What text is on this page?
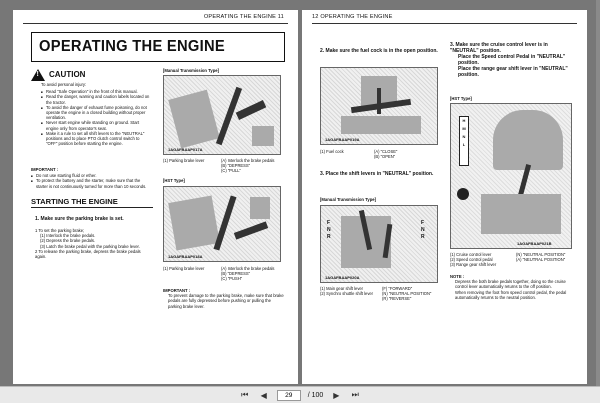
OPERATING THE ENGINE 11
OPERATING THE ENGINE
!
CAUTION
To avoid personal injury:
■ Read "Safe Operation" in the front of this manual.
■ Read the danger, warning and caution labels located on the tractor.
■ To avoid the danger of exhaust fume poisoning, do not operate the engine in a closed building without proper ventilation.
■ Never start engine while standing on ground. Start engine only from operator's seat.
■ Make it a rule to set all shift levers to the "NEUTRAL" positions and to place PTO clutch control switch to "OFF" position before starting the engine.
IMPORTANT :
■ Do not use starting fluid or ether.
■ To protect the battery and the starter, make sure that the starter is not continuously turned for more than 10 seconds.
STARTING THE ENGINE
1. Make sure the parking brake is set.
1 To set the parking brake;
(1) Interlock the brake pedals.
(2) Depress the brake pedals.
(3) Latch the brake pedal with the parking brake lever.
2 To release the parking brake, depress the brake pedals again.
[Manual Transmission Type]
1AGAFBAAP017A
(1) Parking brake lever	(A) Interlock the brake pedals
(B) "DEPRESS"
(C) "PULL"
[HST Type]
1AGAFBAAP018A
(1) Parking brake lever	(A) Interlock the brake pedals
(B) "DEPRESS"
(C) "PUSH"
IMPORTANT :
To prevent damage to the parking brake, make sure that brake pedals are fully depressed before pushing or pulling the parking brake lever.
12 OPERATING THE ENGINE
2. Make sure the fuel cock is in the open position.
1AGAFBAAP019A
(1) Fuel cock	(A) "CLOSE"
(B) "OPEN"
3. Place the shift levers in "NEUTRAL" position.
[Manual Transmission Type]
F
N
R
F
N
R
1AGAFBAAP020A
(1) Main gear shift lever
(2) Synchro shuttle shift lever
(F) "FORWARD"
(N) "NEUTRAL POSITION"
(R) "REVERSE"
3. Make sure the cruise control lever is in "NEUTRAL" position.
Place the Speed control Pedal in "NEUTRAL" position.
Place the range gear shift lever in "NEUTRAL" position.
[HST Type]
H
M
N
L
1AGAFBAAP021B
(1) Cruise control lever
(2) Speed control pedal
(3) Range gear shift lever
(N) "NEUTRAL POSITION"
(A) "NEUTRAL POSITION"
NOTE :
Depress the both brake pedals together, doing so the cruise control lever automatically returns to the off position.
When removing the foot from speed control pedal, the pedal automatically returns to the neutral position.
⏮	◀
29	/ 100	▶	⏭
